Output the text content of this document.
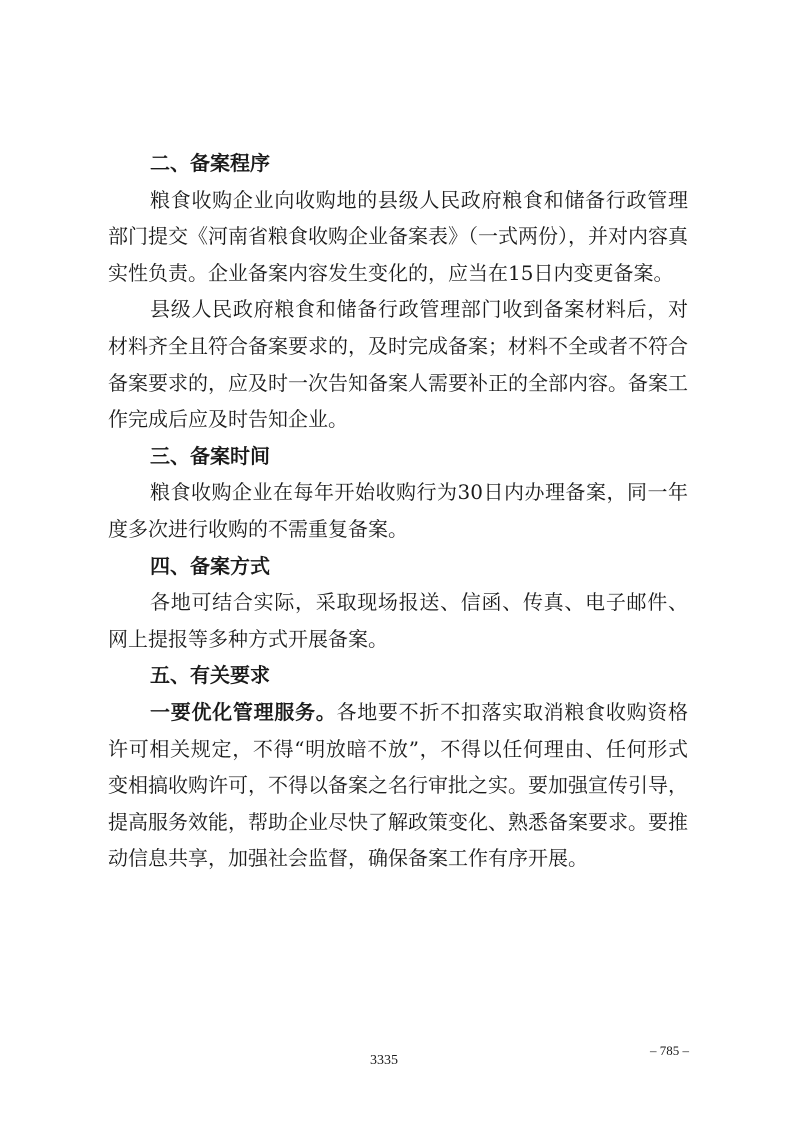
二、备案程序

粮食收购企业向收购地的县级人民政府粮食和储备行政管理部门提交《河南省粮食收购企业备案表》（一式两份），并对内容真实性负责。企业备案内容发生变化的，应当在15日内变更备案。

县级人民政府粮食和储备行政管理部门收到备案材料后，对材料齐全且符合备案要求的，及时完成备案；材料不全或者不符合备案要求的，应及时一次告知备案人需要补正的全部内容。备案工作完成后应及时告知企业。

三、备案时间

粮食收购企业在每年开始收购行为30日内办理备案，同一年度多次进行收购的不需重复备案。

四、备案方式

各地可结合实际，采取现场报送、信函、传真、电子邮件、网上提报等多种方式开展备案。

五、有关要求

一要优化管理服务。各地要不折不扣落实取消粮食收购资格许可相关规定，不得“明放暗不放”，不得以任何理由、任何形式变相搞收购许可，不得以备案之名行审批之实。要加强宣传引导，提高服务效能，帮助企业尽快了解政策变化、熟悉备案要求。要推动信息共享，加强社会监督，确保备案工作有序开展。

– 785 –
3335
